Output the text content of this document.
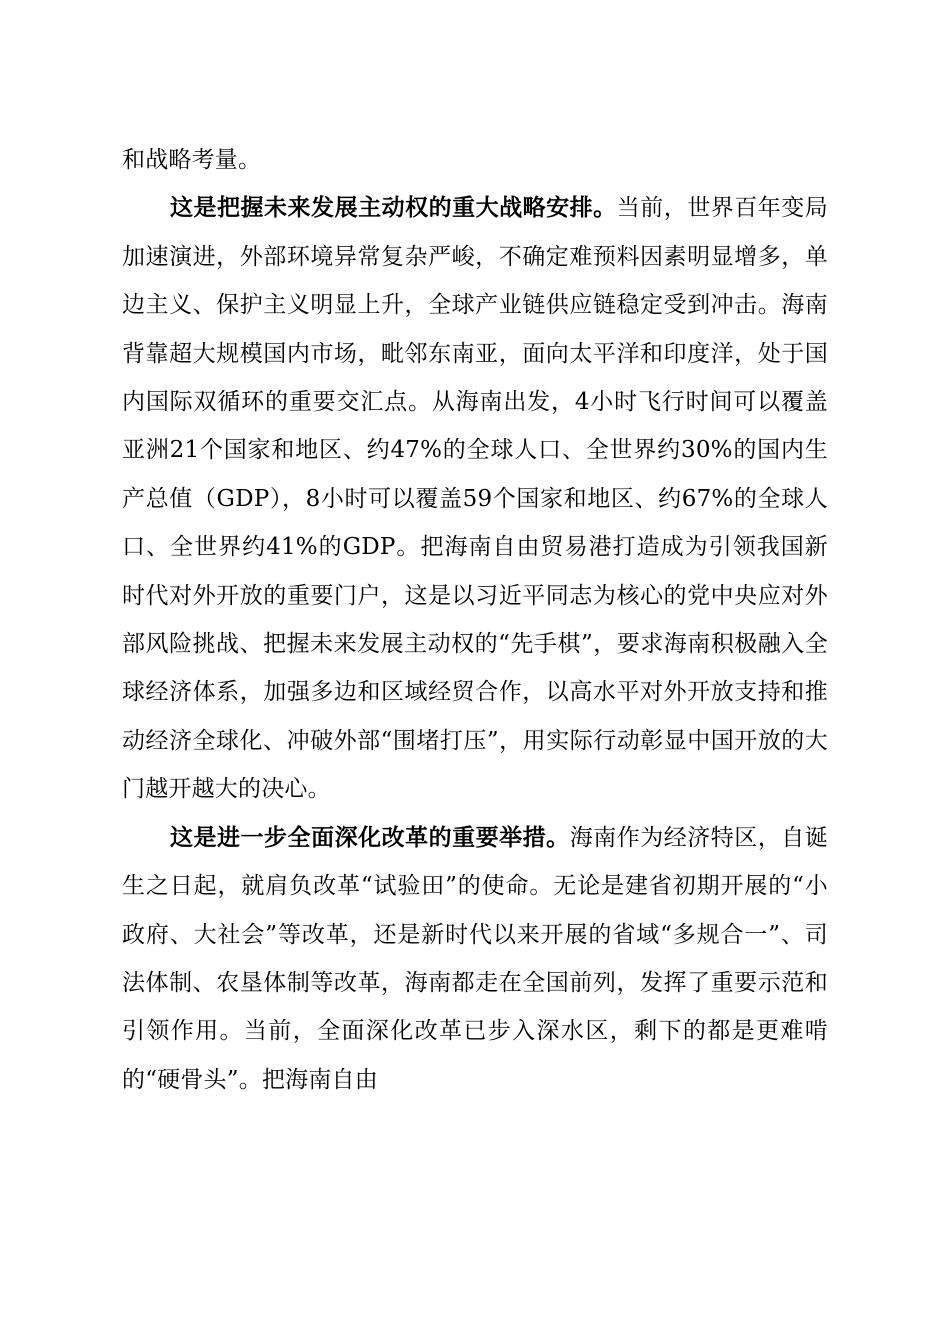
和战略考量。

这是把握未来发展主动权的重大战略安排。当前，世界百年变局加速演进，外部环境异常复杂严峻，不确定难预料因素明显增多，单边主义、保护主义明显上升，全球产业链供应链稳定受到冲击。海南背靠超大规模国内市场，毗邻东南亚，面向太平洋和印度洋，处于国内国际双循环的重要交汇点。从海南出发，4小时飞行时间可以覆盖亚洲21个国家和地区、约47%的全球人口、全世界约30%的国内生产总值（GDP），8小时可以覆盖59个国家和地区、约67%的全球人口、全世界约41%的GDP。把海南自由贸易港打造成为引领我国新时代对外开放的重要门户，这是以习近平同志为核心的党中央应对外部风险挑战、把握未来发展主动权的“先手棋”，要求海南积极融入全球经济体系，加强多边和区域经贸合作，以高水平对外开放支持和推动经济全球化、冲破外部“围堵打压”，用实际行动彰显中国开放的大门越开越大的决心。

这是进一步全面深化改革的重要举措。海南作为经济特区，自诞生之日起，就肩负改革“试验田”的使命。无论是建省初期开展的“小政府、大社会”等改革，还是新时代以来开展的省域“多规合一”、司法体制、农垦体制等改革，海南都走在全国前列，发挥了重要示范和引领作用。当前，全面深化改革已步入深水区，剩下的都是更难啃的“硬骨头”。把海南自由
